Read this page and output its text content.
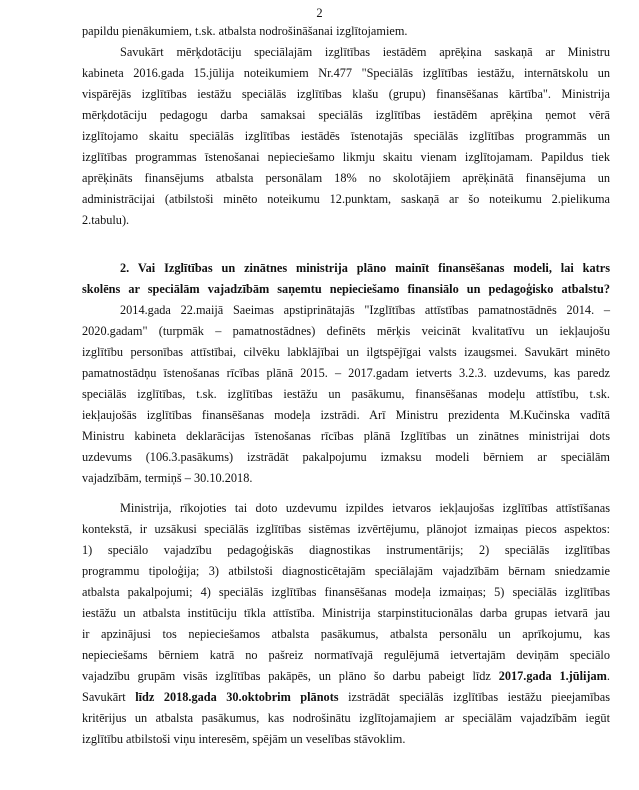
2
papildu pienākumiem, t.sk. atbalsta nodrošināšanai izglītojamiem.
Savukārt mērķdotāciju speciālajām izglītības iestādēm aprēķina saskaņā ar Ministru
kabineta 2016.gada 15.jūlija noteikumiem Nr.477 "Speciālās izglītības iestāžu, internātskolu un
vispārējās izglītības iestāžu speciālās izglītības klašu (grupu) finansēšanas kārtība". Ministrija
mērķdotāciju pedagogu darba samaksai speciālās izglītības iestādēm aprēķina ņemot vērā
izglītojamo skaitu speciālās izglītības iestādēs īstenotajās speciālās izglītības programmās un
izglītības programmas īstenošanai nepieciešamo likmju skaitu vienam izglītojamam. Papildus tiek
aprēķināts finansējums atbalsta personālam 18% no skolotājiem aprēķinātā finansējuma un
administrācijai (atbilstoši minēto noteikumu 12.punktam, saskaņā ar šo noteikumu 2.pielikuma
2.tabulu).
2. Vai Izglītības un zinātnes ministrija plāno mainīt finansēšanas modeli, lai katrs
skolēns ar speciālām vajadzībām saņemtu nepieciešamo finansiālo un pedagoģisko atbalstu?
2014.gada 22.maijā Saeimas apstiprinātajās "Izglītības attīstības pamatnostādnēs 2014. –
2020.gadam" (turpmāk – pamatnostādnes) definēts mērķis veicināt kvalitatīvu un iekļaujošu
izglītību personības attīstībai, cilvēku labklājībai un ilgtspējīgai valsts izaugsmei. Savukārt minēto
pamatnostādņu īstenošanas rīcības plānā 2015. – 2017.gadam ietverts 3.2.3. uzdevums, kas paredz
speciālās izglītības, t.sk. izglītības iestāžu un pasākumu, finansēšanas modeļu attīstību, t.sk.
iekļaujošās izglītības finansēšanas modeļa izstrādi. Arī Ministru prezidenta M.Kučinska vadītā
Ministru kabineta deklarācijas īstenošanas rīcības plānā Izglītības un zinātnes ministrijai dots
uzdevums (106.3.pasākums) izstrādāt pakalpojumu izmaksu modeli bērniem ar speciālām
vajadzībām, termiņš – 30.10.2018.
Ministrija, rīkojoties tai doto uzdevumu izpildes ietvaros iekļaujošas izglītības attīstīšanas
kontekstā, ir uzsākusi speciālās izglītības sistēmas izvērtējumu, plānojot izmaiņas piecos aspektos:
1) speciālo vajadzību pedagoģiskās diagnostikas instrumentārijs; 2) speciālās izglītības
programmu tipoloģija; 3) atbilstoši diagnosticētajām speciālajām vajadzībām bērnam sniedzamie
atbalsta pakalpojumi; 4) speciālās izglītības finansēšanas modeļa izmaiņas; 5) speciālās izglītības
iestāžu un atbalsta institūciju tīkla attīstība. Ministrija starpinstitucionālas darba grupas ietvarā jau
ir apzinājusi tos nepieciešamos atbalsta pasākumus, atbalsta personālu un aprīkojumu, kas
nepieciešams bērniem katrā no pašreiz normatīvajā regulējumā ietvertajām deviņām speciālo
vajadzību grupām visās izglītības pakāpēs, un plāno šo darbu pabeigt līdz 2017.gada 1.jūlijam.
Savukārt līdz 2018.gada 30.oktobrim plānots izstrādāt speciālās izglītības iestāžu pieejamības
kritērijus un atbalsta pasākumus, kas nodrošinātu izglītojamajiem ar speciālām vajadzībām iegūt
izglītību atbilstoši viņu interesēm, spējām un veselības stāvoklim.
